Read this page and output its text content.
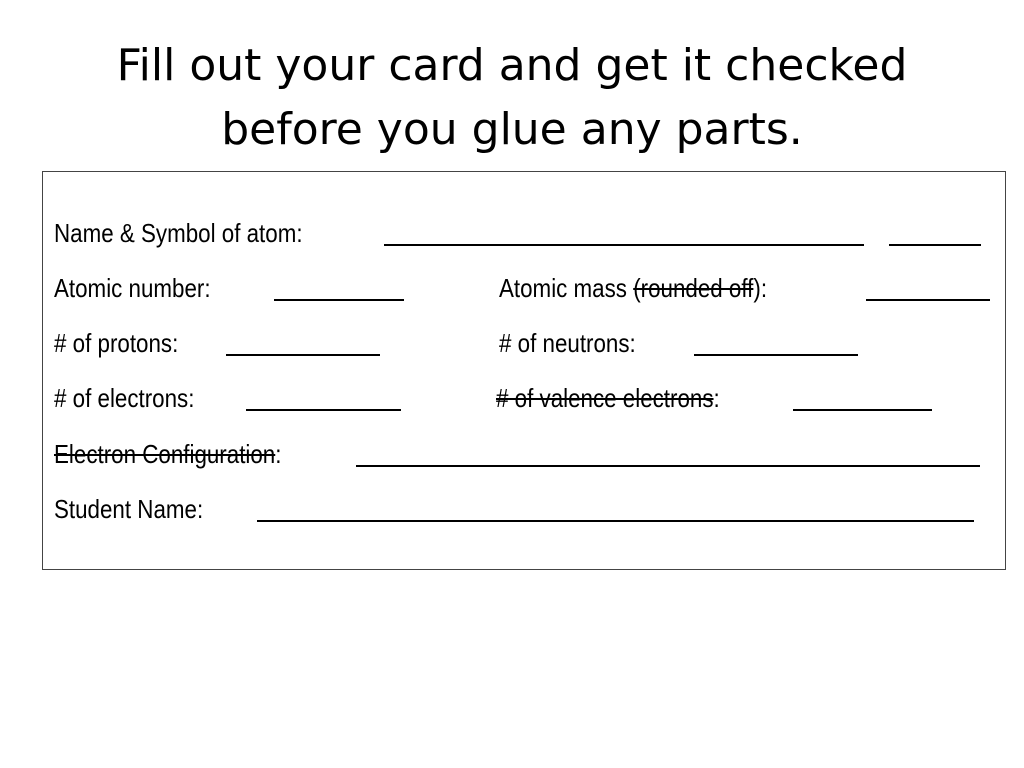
Fill out your card and get it checked
before you glue any parts.
Name & Symbol of atom:
Atomic number:	Atomic mass (rounded off):
# of protons:	# of neutrons:
# of electrons:	# of valence electrons:
Electron Configuration:
Student Name:
